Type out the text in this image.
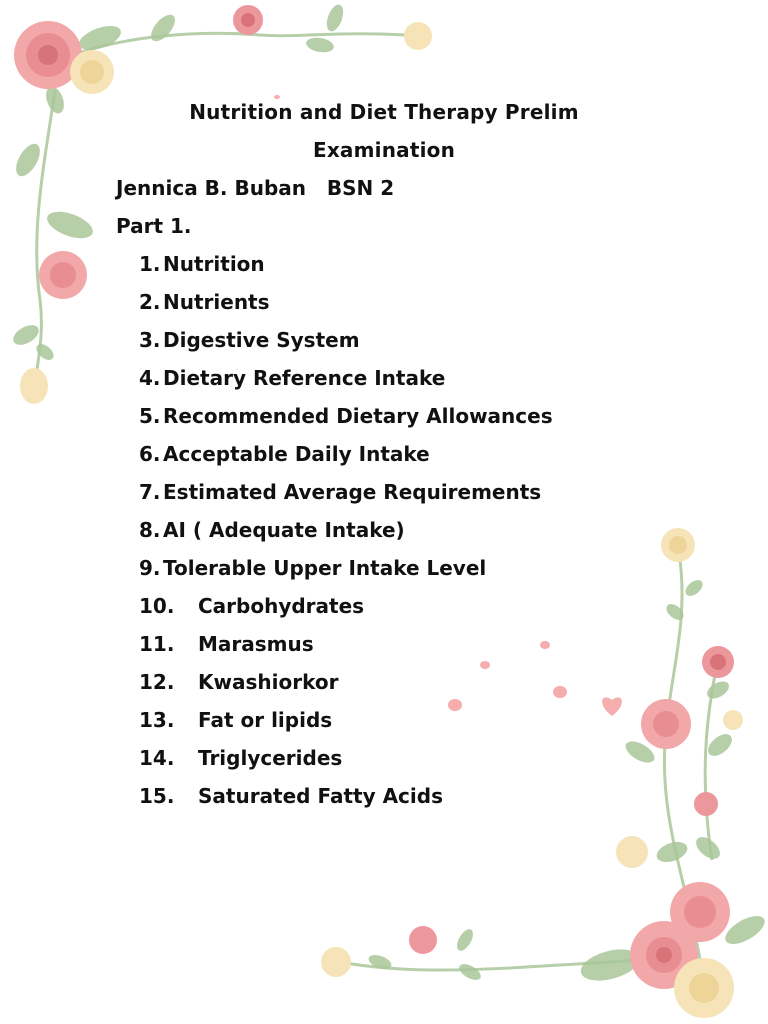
Nutrition and Diet Therapy Prelim
Examination
Jennica B. Buban   BSN 2
Part 1.
1. Nutrition
2. Nutrients
3. Digestive System
4. Dietary Reference Intake
5. Recommended Dietary Allowances
6. Acceptable Daily Intake
7. Estimated Average Requirements
8. AI ( Adequate Intake)
9. Tolerable Upper Intake Level
10. Carbohydrates
11. Marasmus
12. Kwashiorkor
13. Fat or lipids
14. Triglycerides
15. Saturated Fatty Acids
